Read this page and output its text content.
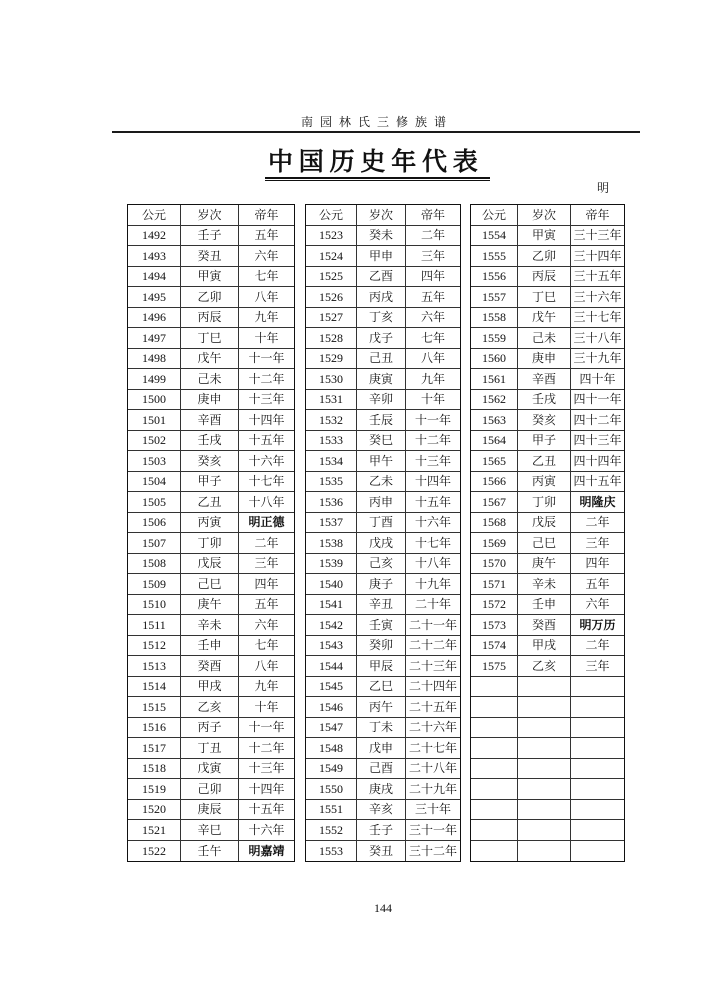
南园林氏三修族谱
中国历史年代表
明
公元	岁次	帝年
1492	壬子	五年
1493	癸丑	六年
1494	甲寅	七年
1495	乙卯	八年
1496	丙辰	九年
1497	丁巳	十年
1498	戊午	十一年
1499	己未	十二年
1500	庚申	十三年
1501	辛酉	十四年
1502	壬戌	十五年
1503	癸亥	十六年
1504	甲子	十七年
1505	乙丑	十八年
1506	丙寅	明正德
1507	丁卯	二年
1508	戊辰	三年
1509	己巳	四年
1510	庚午	五年
1511	辛未	六年
1512	壬申	七年
1513	癸酉	八年
1514	甲戌	九年
1515	乙亥	十年
1516	丙子	十一年
1517	丁丑	十二年
1518	戊寅	十三年
1519	己卯	十四年
1520	庚辰	十五年
1521	辛巳	十六年
1522	壬午	明嘉靖
公元	岁次	帝年
1523	癸未	二年
1524	甲申	三年
1525	乙酉	四年
1526	丙戌	五年
1527	丁亥	六年
1528	戊子	七年
1529	己丑	八年
1530	庚寅	九年
1531	辛卯	十年
1532	壬辰	十一年
1533	癸巳	十二年
1534	甲午	十三年
1535	乙未	十四年
1536	丙申	十五年
1537	丁酉	十六年
1538	戊戌	十七年
1539	己亥	十八年
1540	庚子	十九年
1541	辛丑	二十年
1542	壬寅	二十一年
1543	癸卯	二十二年
1544	甲辰	二十三年
1545	乙巳	二十四年
1546	丙午	二十五年
1547	丁未	二十六年
1548	戊申	二十七年
1549	己酉	二十八年
1550	庚戌	二十九年
1551	辛亥	三十年
1552	壬子	三十一年
1553	癸丑	三十二年
公元	岁次	帝年
1554	甲寅	三十三年
1555	乙卯	三十四年
1556	丙辰	三十五年
1557	丁巳	三十六年
1558	戊午	三十七年
1559	己未	三十八年
1560	庚申	三十九年
1561	辛酉	四十年
1562	壬戌	四十一年
1563	癸亥	四十二年
1564	甲子	四十三年
1565	乙丑	四十四年
1566	丙寅	四十五年
1567	丁卯	明隆庆
1568	戊辰	二年
1569	己巳	三年
1570	庚午	四年
1571	辛未	五年
1572	壬申	六年
1573	癸酉	明万历
1574	甲戌	二年
1575	乙亥	三年
144
